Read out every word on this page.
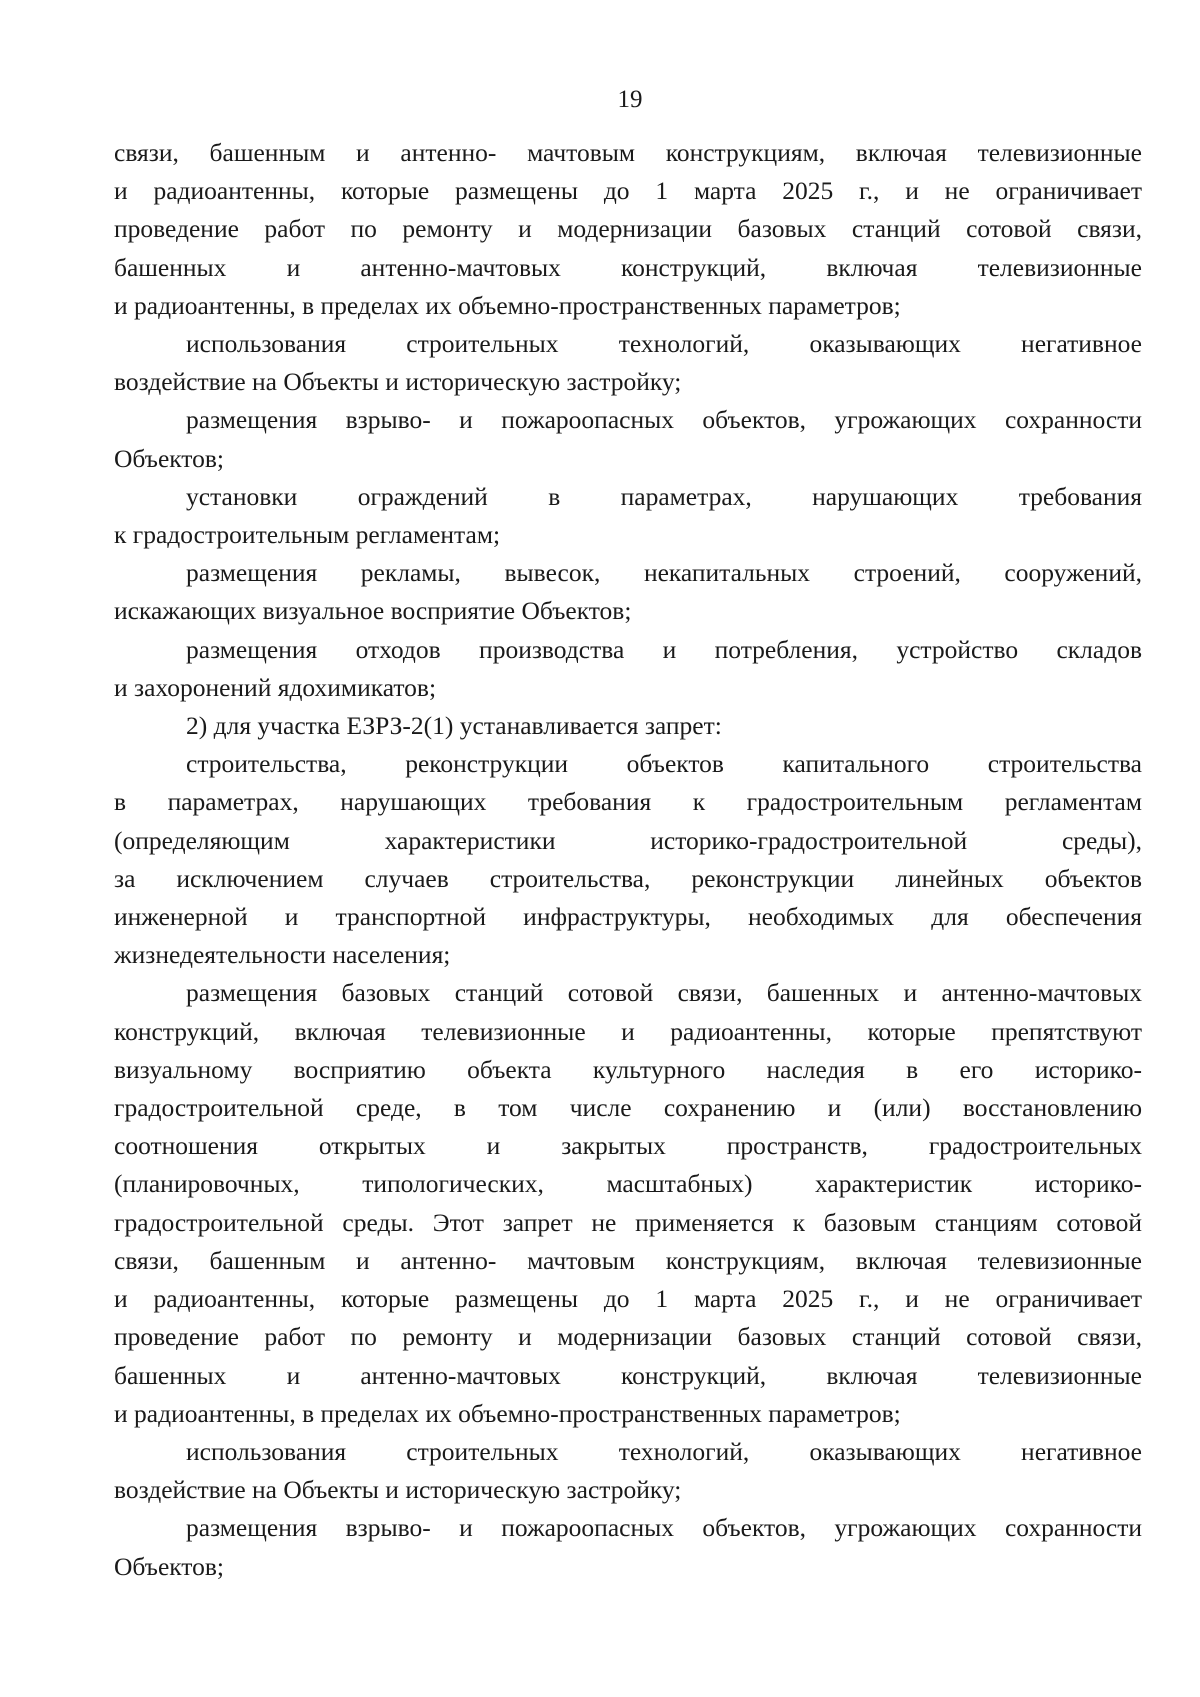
19
связи, башенным и антенно- мачтовым конструкциям, включая телевизионные
и радиоантенны, которые размещены до 1 марта 2025 г., и не ограничивает
проведение работ по ремонту и модернизации базовых станций сотовой связи,
башенных и антенно-мачтовых конструкций, включая телевизионные
и радиоантенны, в пределах их объемно-пространственных параметров;
использования строительных технологий, оказывающих негативное
воздействие на Объекты и историческую застройку;
размещения взрыво- и пожароопасных объектов, угрожающих сохранности
Объектов;
установки ограждений в параметрах, нарушающих требования
к градостроительным регламентам;
размещения рекламы, вывесок, некапитальных строений, сооружений,
искажающих визуальное восприятие Объектов;
размещения отходов производства и потребления, устройство складов
и захоронений ядохимикатов;
2) для участка ЕЗРЗ-2(1) устанавливается запрет:
строительства, реконструкции объектов капитального строительства
в параметрах, нарушающих требования к градостроительным регламентам
(определяющим характеристики историко-градостроительной среды),
за исключением случаев строительства, реконструкции линейных объектов
инженерной и транспортной инфраструктуры, необходимых для обеспечения
жизнедеятельности населения;
размещения базовых станций сотовой связи, башенных и антенно-мачтовых
конструкций, включая телевизионные и радиоантенны, которые препятствуют
визуальному восприятию объекта культурного наследия в его историко-
градостроительной среде, в том числе сохранению и (или) восстановлению
соотношения открытых и закрытых пространств, градостроительных
(планировочных, типологических, масштабных) характеристик историко-
градостроительной среды. Этот запрет не применяется к базовым станциям сотовой
связи, башенным и антенно- мачтовым конструкциям, включая телевизионные
и радиоантенны, которые размещены до 1 марта 2025 г., и не ограничивает
проведение работ по ремонту и модернизации базовых станций сотовой связи,
башенных и антенно-мачтовых конструкций, включая телевизионные
и радиоантенны, в пределах их объемно-пространственных параметров;
использования строительных технологий, оказывающих негативное
воздействие на Объекты и историческую застройку;
размещения взрыво- и пожароопасных объектов, угрожающих сохранности
Объектов;
